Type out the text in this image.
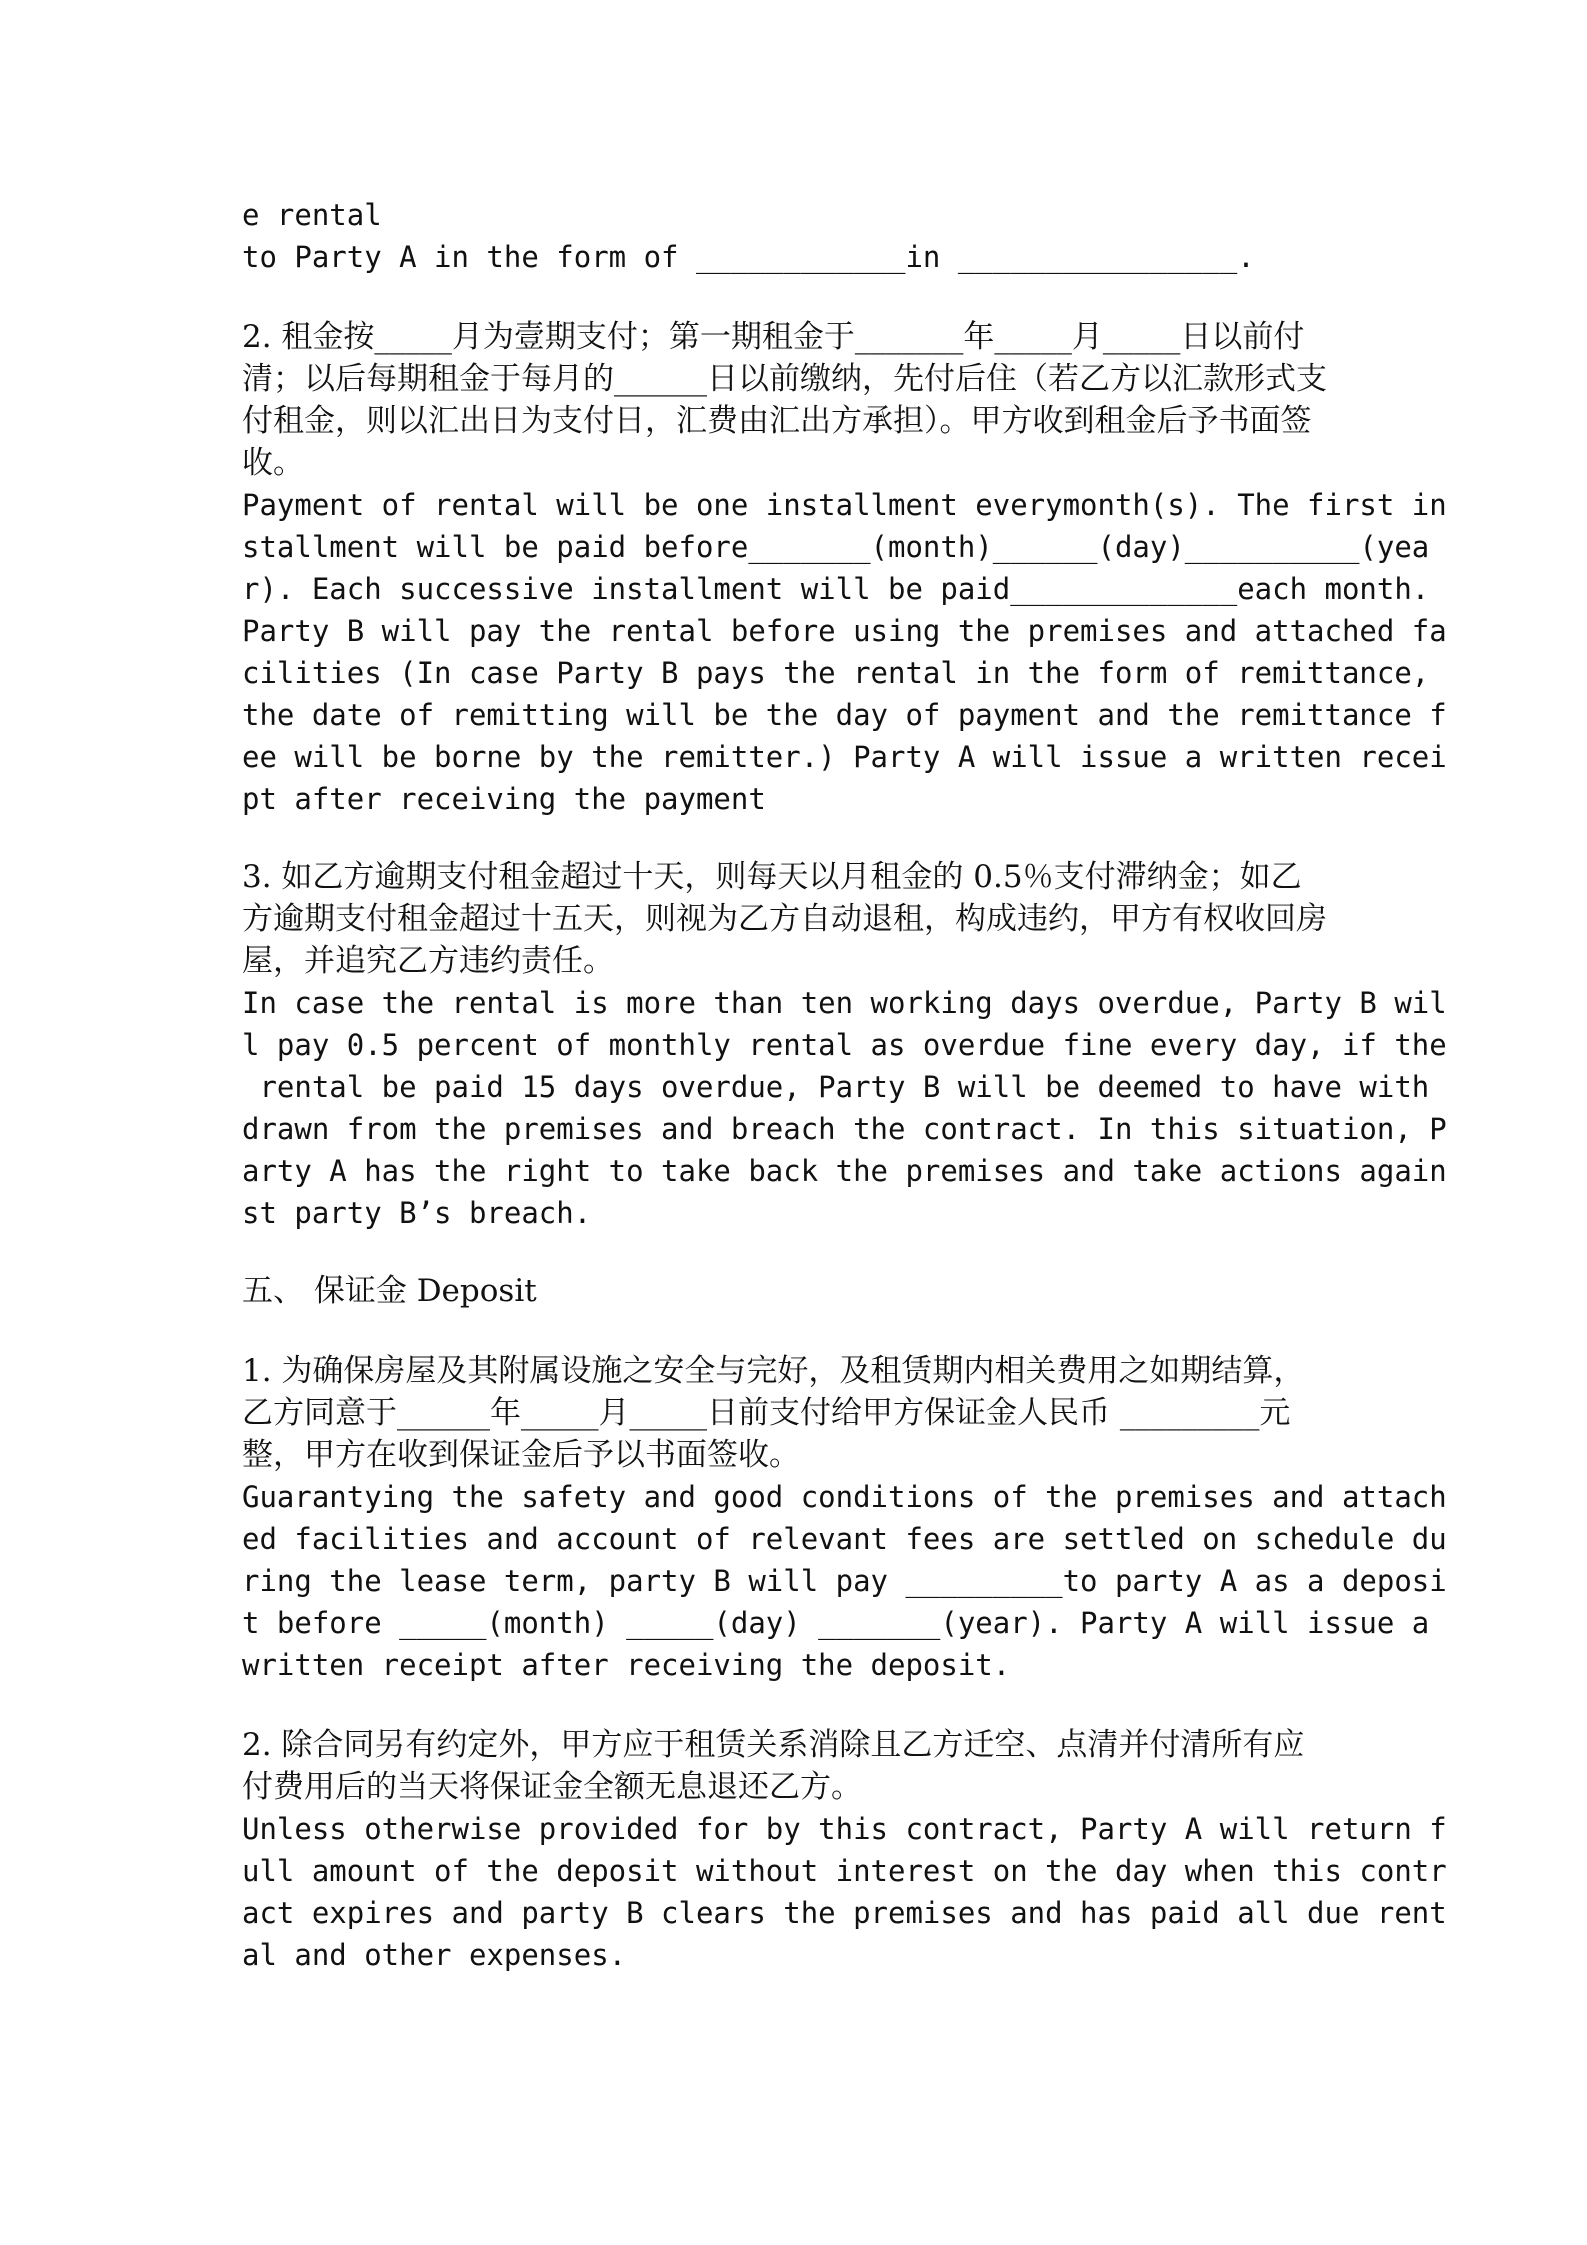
e rental
to Party A in the form of ____________in ________________.
2. 租金按_____月为壹期支付；第一期租金于_______年_____月_____日以前付
清；以后每期租金于每月的______日以前缴纳，先付后住（若乙方以汇款形式支
付租金，则以汇出日为支付日，汇费由汇出方承担）。甲方收到租金后予书面签
收。
Payment of rental will be one installment everymonth(s). The first in
stallment will be paid before_______(month)______(day)__________(yea
r). Each successive installment will be paid_____________each month.
Party B will pay the rental before using the premises and attached fa
cilities (In case Party B pays the rental in the form of remittance,
the date of remitting will be the day of payment and the remittance f
ee will be borne by the remitter.) Party A will issue a written recei
pt after receiving the payment
3. 如乙方逾期支付租金超过十天，则每天以月租金的 0.5％支付滞纳金；如乙
方逾期支付租金超过十五天，则视为乙方自动退租，构成违约，甲方有权收回房
屋，并追究乙方违约责任。
In case the rental is more than ten working days overdue, Party B wil
l pay 0.5 percent of monthly rental as overdue fine every day, if the
rental be paid 15 days overdue, Party B will be deemed to have with
drawn from the premises and breach the contract. In this situation, P
arty A has the right to take back the premises and take actions again
st party B’s breach.
五、 保证金 Deposit
1. 为确保房屋及其附属设施之安全与完好，及租赁期内相关费用之如期结算，
乙方同意于______年_____月_____日前支付给甲方保证金人民币 _________元
整，甲方在收到保证金后予以书面签收。
Guarantying the safety and good conditions of the premises and attach
ed facilities and account of relevant fees are settled on schedule du
ring the lease term, party B will pay _________to party A as a deposi
t before _____(month) _____(day) _______(year). Party A will issue a
written receipt after receiving the deposit.
2. 除合同另有约定外，甲方应于租赁关系消除且乙方迁空、点清并付清所有应
付费用后的当天将保证金全额无息退还乙方。
Unless otherwise provided for by this contract, Party A will return f
ull amount of the deposit without interest on the day when this contr
act expires and party B clears the premises and has paid all due rent
al and other expenses.
